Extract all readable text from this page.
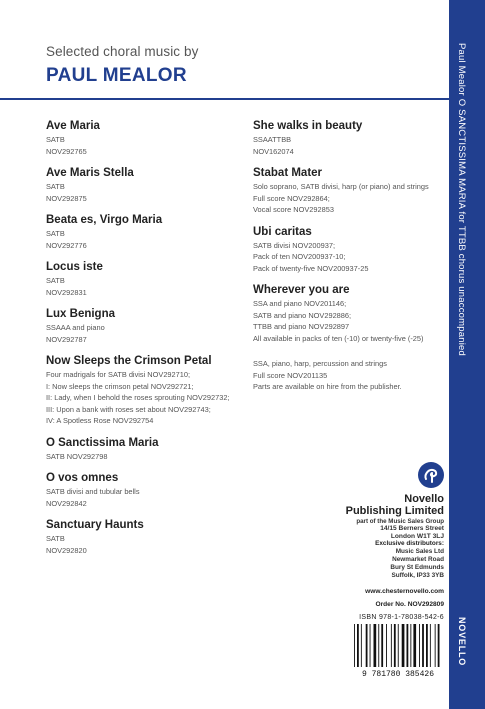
Selected choral music by
PAUL MEALOR
Ave Maria
SATB
NOV292765
Ave Maris Stella
SATB
NOV292875
Beata es, Virgo Maria
SATB
NOV292776
Locus iste
SATB
NOV292831
Lux Benigna
SSAAA and piano
NOV292787
Now Sleeps the Crimson Petal
Four madrigals for SATB divisi NOV292710;
I: Now sleeps the crimson petal NOV292721;
II: Lady, when I behold the roses sprouting NOV292732;
III: Upon a bank with roses set about NOV292743;
IV: A Spotless Rose NOV292754
O Sanctissima Maria
SATB NOV292798
O vos omnes
SATB divisi and tubular bells
NOV292842
Sanctuary Haunts
SATB
NOV292820
She walks in beauty
SSAATTBB
NOV162074
Stabat Mater
Solo soprano, SATB divisi, harp (or piano) and strings
Full score NOV292864;
Vocal score NOV292853
Ubi caritas
SATB divisi NOV200937;
Pack of ten NOV200937-10;
Pack of twenty-five NOV200937-25
Wherever you are
SSA and piano NOV201146;
SATB and piano NOV292886;
TTBB and piano NOV292897
All available in packs of ten (-10) or twenty-five (-25)
SSA, piano, harp, percussion and strings
Full score NOV201135
Parts are available on hire from the publisher.
Novello
Publishing Limited
part of the Music Sales Group
14/15 Berners Street
London W1T 3LJ
Exclusive distributors:
Music Sales Ltd
Newmarket Road
Bury St Edmunds
Suffolk, IP33 3YB
www.chesternovello.com
Order No. NOV292809
ISBN 978-1-78038-542-6
9 781780 385426
Paul Mealor O SANCTISSIMA MARIA for TTBB chorus unaccompanied
NOVELLO
